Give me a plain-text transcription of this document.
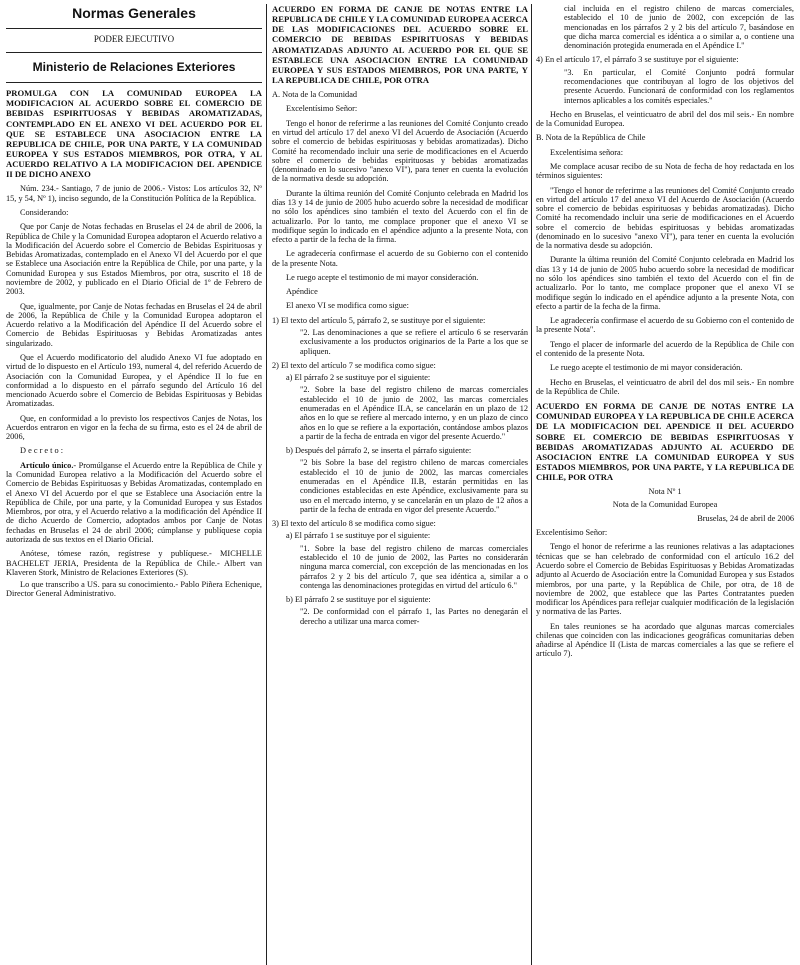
Normas Generales
PODER EJECUTIVO
Ministerio de Relaciones Exteriores

PROMULGA CON LA COMUNIDAD EUROPEA LA MODIFICACION AL ACUERDO SOBRE EL COMERCIO DE BEBIDAS ESPIRITUOSAS Y BEBIDAS AROMATIZADAS, CONTEMPLADO EN EL ANEXO VI DEL ACUERDO POR EL QUE SE ESTABLECE UNA ASOCIACION ENTRE LA REPUBLICA DE CHILE, POR UNA PARTE, Y LA COMUNIDAD EUROPEA Y SUS ESTADOS MIEMBROS, POR OTRA, Y AL ACUERDO RELATIVO A LA MODIFICACION DEL APENDICE II DE DICHO ANEXO

Núm. 234.- Santiago, 7 de junio de 2006.- Vistos: Los artículos 32, Nº 15, y 54, Nº 1), inciso segundo, de la Constitución Política de la República.

Considerando:

Que por Canje de Notas fechadas en Bruselas el 24 de abril de 2006, la República de Chile y la Comunidad Europea adoptaron el Acuerdo relativo a la Modificación del Acuerdo sobre el Comercio de Bebidas Espirituosas y Bebidas Aromatizadas, contemplado en el Anexo VI del Acuerdo por el que se Establece una Asociación entre la República de Chile, por una parte, y la Comunidad Europea y sus Estados Miembros, por otra, suscrito el 18 de noviembre de 2002, y publicado en el Diario Oficial de 1º de Febrero de 2003.

Que, igualmente, por Canje de Notas fechadas en Bruselas el 24 de abril de 2006, la República de Chile y la Comunidad Europea adoptaron el Acuerdo relativo a la Modificación del Apéndice II del Acuerdo sobre el Comercio de Bebidas Espirituosas y Bebidas Aromatizadas antes singularizado.

Que el Acuerdo modificatorio del aludido Anexo VI fue adoptado en virtud de lo dispuesto en el Artículo 193, numeral 4, del referido Acuerdo de Asociación con la Comunidad Europea, y el Apéndice II lo fue en conformidad a lo dispuesto en el párrafo segundo del Artículo 16 del mencionado Acuerdo sobre el Comercio de Bebidas Espirituosas y Bebidas Aromatizadas.

Que, en conformidad a lo previsto los respectivos Canjes de Notas, los Acuerdos entraron en vigor en la fecha de su firma, esto es el 24 de abril de 2006,

D e c r e t o :

Artículo único.- Promúlganse el Acuerdo entre la República de Chile y la Comunidad Europea relativo a la Modificación del Acuerdo sobre el Comercio de Bebidas Espirituosas y Bebidas Aromatizadas, contemplado en el Anexo VI del Acuerdo por el que se Establece una Asociación entre la República de Chile, por una parte, y la Comunidad Europea y sus Estados Miembros, por otra, y el Acuerdo relativo a la modificación del Apéndice II de dicho Acuerdo de Comercio, adoptados ambos por Canje de Notas fechadas en Bruselas el 24 de abril 2006; cúmplanse y publíquese copia autorizada de sus textos en el Diario Oficial.

Anótese, tómese razón, regístrese y publíquese.- MICHELLE BACHELET JERIA, Presidenta de la República de Chile.- Albert van Klaveren Stork, Ministro de Relaciones Exteriores (S).

Lo que transcribo a US. para su conocimiento.- Pablo Piñera Echenique, Director General Administrativo.

ACUERDO EN FORMA DE CANJE DE NOTAS ENTRE LA REPUBLICA DE CHILE Y LA COMUNIDAD EUROPEA ACERCA DE LAS MODIFICACIONES DEL ACUERDO SOBRE EL COMERCIO DE BEBIDAS ESPIRITUOSAS Y BEBIDAS AROMATIZADAS ADJUNTO AL ACUERDO POR EL QUE SE ESTABLECE UNA ASOCIACION ENTRE LA COMUNIDAD EUROPEA Y SUS ESTADOS MIEMBROS, POR UNA PARTE, Y LA REPUBLICA DE CHILE, POR OTRA

A. Nota de la Comunidad

Excelentísimo Señor:

Tengo el honor de referirme a las reuniones del Comité Conjunto creado en virtud del artículo 17 del anexo VI del Acuerdo de Asociación (Acuerdo sobre el comercio de bebidas espirituosas y bebidas aromatizadas). Dicho Comité ha recomendado incluir una serie de modificaciones en el Acuerdo sobre el comercio de bebidas espirituosas y bebidas aromatizadas (denominado en lo sucesivo "anexo VI"), para tener en cuenta la evolución de la normativa desde su adopción.

Durante la última reunión del Comité Conjunto celebrada en Madrid los días 13 y 14 de junio de 2005 hubo acuerdo sobre la necesidad de modificar no sólo los apéndices sino también el texto del Acuerdo con el fin de actualizarlo. Por lo tanto, me complace proponer que el anexo VI se modifique según lo indicado en el apéndice adjunto a la presente Nota, con efecto a partir de la fecha de la firma.

Le agradecería confirmase el acuerdo de su Gobierno con el contenido de la presente Nota.

Le ruego acepte el testimonio de mi mayor consideración.

Apéndice

El anexo VI se modifica como sigue:

1) El texto del artículo 5, párrafo 2, se sustituye por el siguiente:

"2. Las denominaciones a que se refiere el artículo 6 se reservarán exclusivamente a los productos originarios de la Parte a los que se apliquen.

2) El texto del artículo 7 se modifica como sigue:

a) El párrafo 2 se sustituye por el siguiente:

"2. Sobre la base del registro chileno de marcas comerciales establecido el 10 de junio de 2002, las marcas comerciales enumeradas en el Apéndice II.A, se cancelarán en un plazo de 12 años en lo que se refiere al mercado interno, y en un plazo de cinco años en lo que se refiere a la exportación, contándose ambos plazos a partir de la fecha de entrada en vigor del presente Acuerdo."

b) Después del párrafo 2, se inserta el párrafo siguiente:

"2 bis Sobre la base del registro chileno de marcas comerciales establecido el 10 de junio de 2002, las marcas comerciales enumeradas en el Apéndice II.B, estarán permitidas en las condiciones establecidas en este Apéndice, exclusivamente para su uso en el mercado interno, y se cancelarán en un plazo de 12 años a partir de la fecha de entrada en vigor del presente Acuerdo."

3) El texto del artículo 8 se modifica como sigue:

a) El párrafo 1 se sustituye por el siguiente:

"1. Sobre la base del registro chileno de marcas comerciales establecido el 10 de junio de 2002, las Partes no considerarán ninguna marca comercial, con excepción de las mencionadas en los párrafos 2 y 2 bis del artículo 7, que sea idéntica a, similar a o contenga las denominaciones protegidas en virtud del artículo 6."

b) El párrafo 2 se sustituye por el siguiente:

"2. De conformidad con el párrafo 1, las Partes no denegarán el derecho a utilizar una marca comer-

cial incluida en el registro chileno de marcas comerciales, establecido el 10 de junio de 2002, con excepción de las mencionadas en los párrafos 2 y 2 bis del artículo 7, basándose en que dicha marca comercial es idéntica a o similar a, o contiene una denominación protegida enumerada en el Apéndice I."

4) En el artículo 17, el párrafo 3 se sustituye por el siguiente:

"3. En particular, el Comité Conjunto podrá formular recomendaciones que contribuyan al logro de los objetivos del presente Acuerdo. Funcionará de conformidad con los reglamentos internos aplicables a los comités especiales."

Hecho en Bruselas, el veinticuatro de abril del dos mil seis.- En nombre de la Comunidad Europea.

B. Nota de la República de Chile

Excelentísima señora:

Me complace acusar recibo de su Nota de fecha de hoy redactada en los términos siguientes:

"Tengo el honor de referirme a las reuniones del Comité Conjunto creado en virtud del artículo 17 del anexo VI del Acuerdo de Asociación (Acuerdo sobre el comercio de bebidas espirituosas y bebidas aromatizadas). Dicho Comité ha recomendado incluir una serie de modificaciones en el Acuerdo sobre el comercio de bebidas espirituosas y bebidas aromatizadas (denominado en lo sucesivo "anexo VI"), para tener en cuenta la evolución de la normativa desde su adopción.

Durante la última reunión del Comité Conjunto celebrada en Madrid los días 13 y 14 de junio de 2005 hubo acuerdo sobre la necesidad de modificar no sólo los apéndices sino también el texto del Acuerdo con el fin de actualizarlo. Por lo tanto, me complace proponer que el anexo VI se modifique según lo indicado en el apéndice adjunto a la presente Nota, con efecto a partir de la fecha de la firma.

Le agradecería confirmase el acuerdo de su Gobierno con el contenido de la presente Nota".

Tengo el placer de informarle del acuerdo de la República de Chile con el contenido de la presente Nota.

Le ruego acepte el testimonio de mi mayor consideración.

Hecho en Bruselas, el veinticuatro de abril del dos mil seis.- En nombre de la República de Chile.

ACUERDO EN FORMA DE CANJE DE NOTAS ENTRE LA COMUNIDAD EUROPEA Y LA REPUBLICA DE CHILE ACERCA DE LA MODIFICACION DEL APENDICE II DEL ACUERDO SOBRE EL COMERCIO DE BEBIDAS ESPIRITUOSAS Y BEBIDAS AROMATIZADAS ADJUNTO AL ACUERDO DE ASOCIACION ENTRE LA COMUNIDAD EUROPEA Y SUS ESTADOS MIEMBROS, POR UNA PARTE, Y LA REPUBLICA DE CHILE, POR OTRA

Nota Nº 1

Nota de la Comunidad Europea

Bruselas, 24 de abril de 2006

Excelentísimo Señor:

Tengo el honor de referirme a las reuniones relativas a las adaptaciones técnicas que se han celebrado de conformidad con el artículo 16.2 del Acuerdo sobre el Comercio de Bebidas Espirituosas y Bebidas Aromatizadas adjunto al Acuerdo de Asociación entre la Comunidad Europea y sus Estados miembros, por una parte, y la República de Chile, por otra, de 18 de noviembre de 2002, que establece que las Partes Contratantes pueden modificar los Apéndices para reflejar cualquier modificación de la legislación y normativa de las Partes.

En tales reuniones se ha acordado que algunas marcas comerciales chilenas que coinciden con las indicaciones geográficas comunitarias deben añadirse al Apéndice II (Lista de marcas comerciales a las que se refiere el artículo 7).
